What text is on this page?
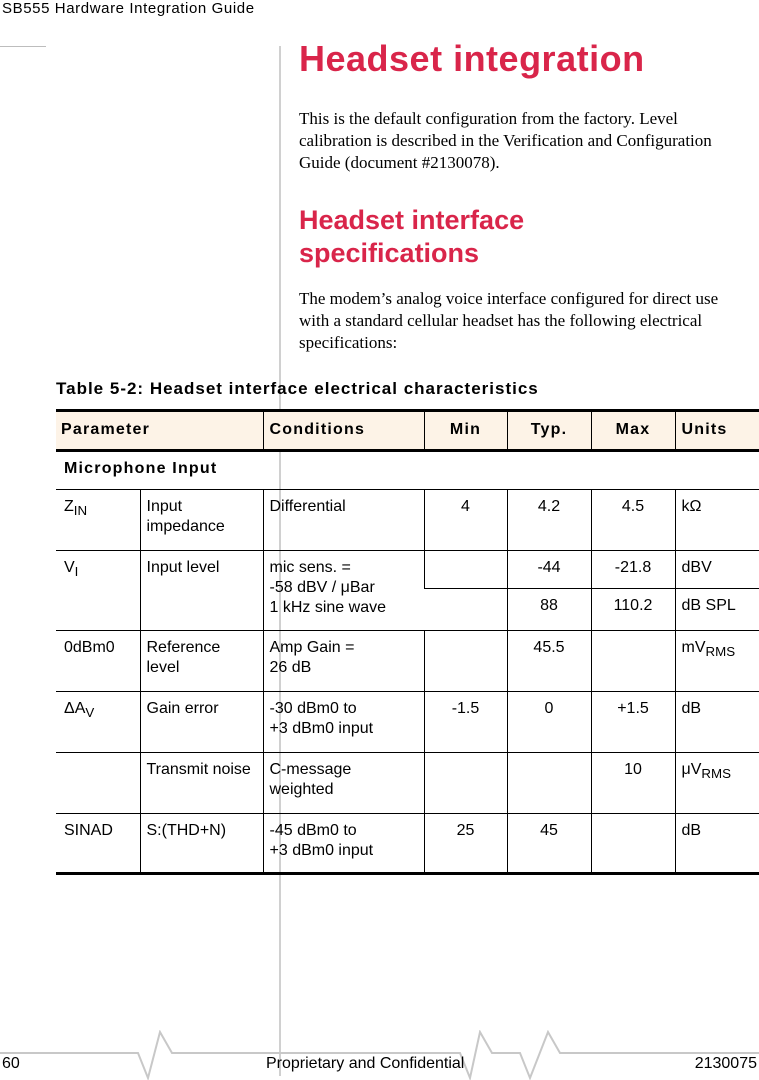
SB555 Hardware Integration Guide
Headset integration

This is the default configuration from the factory. Level calibration is described in the Verification and Configuration Guide (document #2130078).

Headset interface specifications

The modem’s analog voice interface configured for direct use with a standard cellular headset has the following electrical specifications:

Table 5-2: Headset interface electrical characteristics
Parameter		Conditions	Min	Typ.	Max	Units
Microphone Input						
$Z_{IN}$	Input impedance	Differential	4	4.2	4.5	kΩ
$V_I$	Input level	mic sens. =
-58 dBV / μBar
1 kHz sine wave		-44	-21.8	dBV
				88	110.2	dB SPL
0dBm0	Reference level	Amp Gain =
26 dB		45.5		$mV_{RMS}$
$\Delta A_V$	Gain error	-30 dBm0 to
+3 dBm0 input	-1.5	0	+1.5	dB
	Transmit noise	C-message weighted			10	$\mu V_{RMS}$
SINAD	S:(THD+N)	-45 dBm0 to
+3 dBm0 input	25	45		dB
60	Proprietary and Confidential	2130075
